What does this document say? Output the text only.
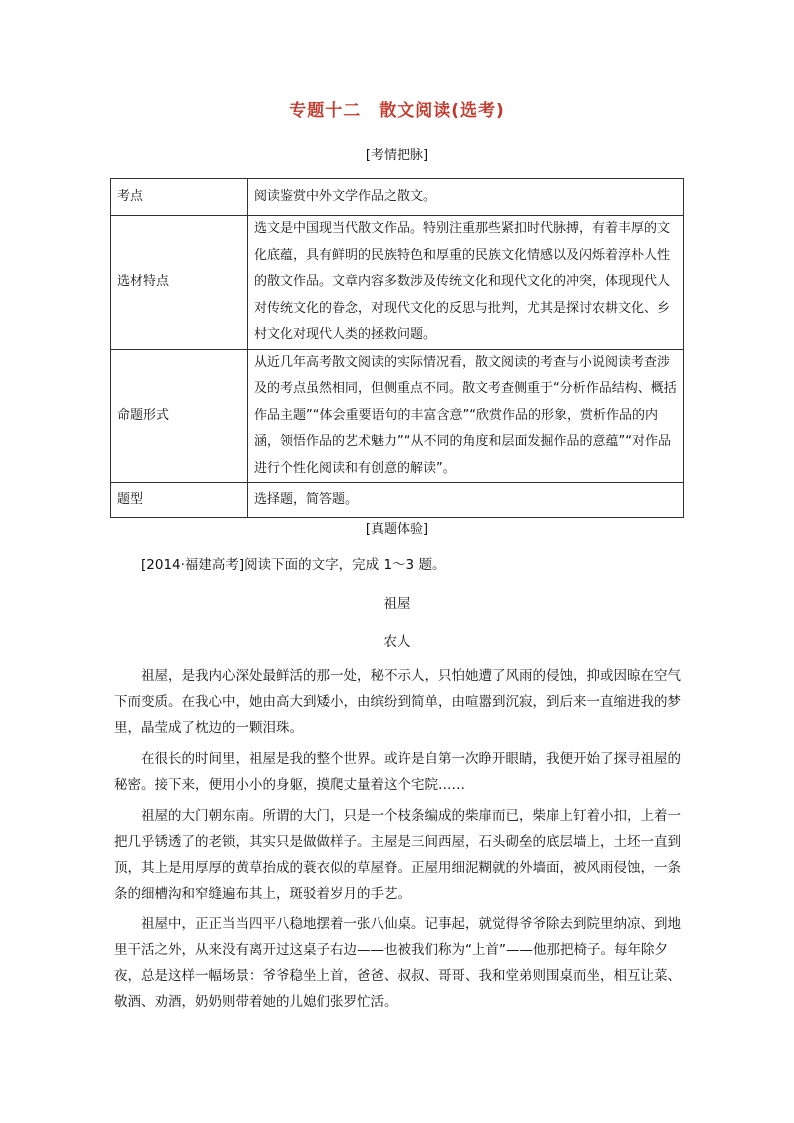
专题十二　散文阅读(选考)
[考情把脉]
考点	阅读鉴赏中外文学作品之散文。
选材特点	选文是中国现当代散文作品。特别注重那些紧扣时代脉搏，有着丰厚的文化底蕴，具有鲜明的民族特色和厚重的民族文化情感以及闪烁着淳朴人性的散文作品。文章内容多数涉及传统文化和现代文化的冲突，体现现代人对传统文化的眷念，对现代文化的反思与批判，尤其是探讨农耕文化、乡村文化对现代人类的拯救问题。
命题形式	从近几年高考散文阅读的实际情况看，散文阅读的考查与小说阅读考查涉及的考点虽然相同，但侧重点不同。散文考查侧重于“分析作品结构、概括作品主题”“体会重要语句的丰富含意”“欣赏作品的形象，赏析作品的内涵，领悟作品的艺术魅力”“从不同的角度和层面发掘作品的意蕴”“对作品进行个性化阅读和有创意的解读”。
题型	选择题，简答题。
[真题体验]

[2014·福建高考]阅读下面的文字，完成 1～3 题。

祖屋
农人

祖屋，是我内心深处最鲜活的那一处，秘不示人，只怕她遭了风雨的侵蚀，抑或因晾在空气下而变质。在我心中，她由高大到矮小，由缤纷到简单，由喧嚣到沉寂，到后来一直缩进我的梦里，晶莹成了枕边的一颗泪珠。

在很长的时间里，祖屋是我的整个世界。或许是自第一次睁开眼睛，我便开始了探寻祖屋的秘密。接下来，便用小小的身躯，摸爬丈量着这个宅院……

祖屋的大门朝东南。所谓的大门，只是一个枝条编成的柴扉而已，柴扉上钉着小扣，上着一把几乎锈透了的老锁，其实只是做做样子。主屋是三间西屋，石头砌垒的底层墙上，土坯一直到顶，其上是用厚厚的黄草抬成的蓑衣似的草屋脊。正屋用细泥糊就的外墙面，被风雨侵蚀，一条条的细槽沟和窄缝遍布其上，斑驳着岁月的手艺。

祖屋中，正正当当四平八稳地摆着一张八仙桌。记事起，就觉得爷爷除去到院里纳凉、到地里干活之外，从来没有离开过这桌子右边——也被我们称为“上首”——他那把椅子。每年除夕夜，总是这样一幅场景：爷爷稳坐上首，爸爸、叔叔、哥哥、我和堂弟则围桌而坐，相互让菜、敬酒、劝酒，奶奶则带着她的儿媳们张罗忙活。
